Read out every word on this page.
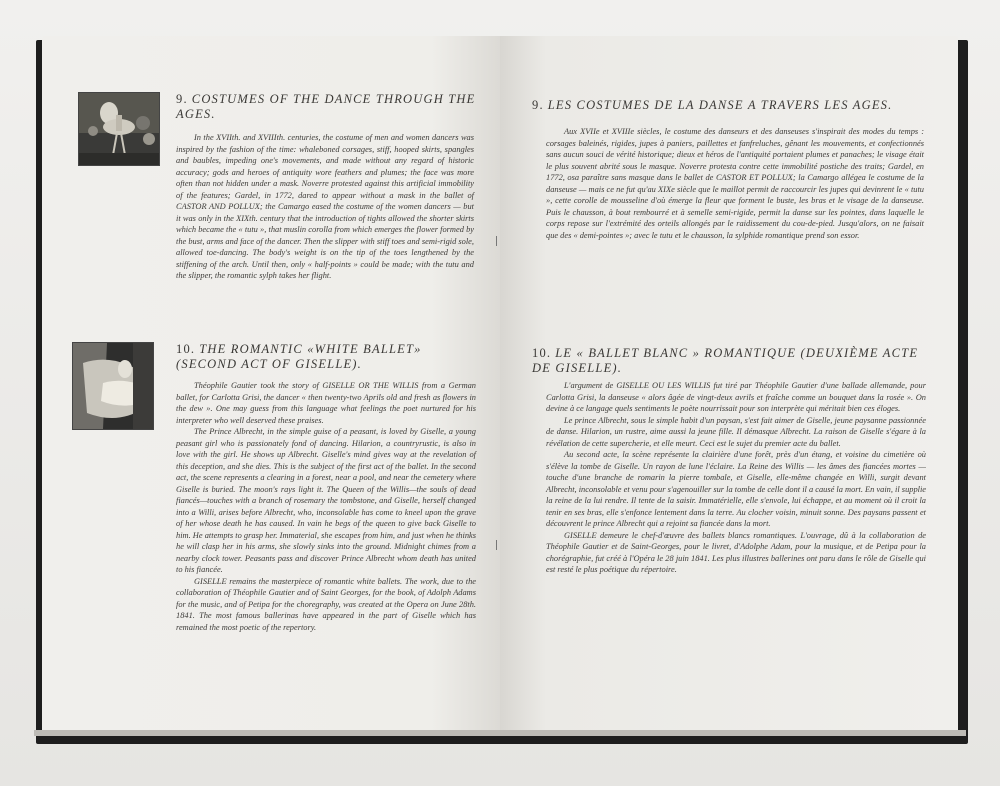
9. COSTUMES OF THE DANCE THROUGH THE AGES.

In the XVIIth. and XVIIIth. centuries, the costume of men and women dancers was inspired by the fashion of the time: whaleboned corsages, stiff, hooped skirts, spangles and baubles, impeding one's movements, and made without any regard of historic accuracy; gods and heroes of antiquity wore feathers and plumes; the face was more often than not hidden under a mask. Noverre protested against this artificial immobility of the features; Gardel, in 1772, dared to appear without a mask in the ballet of CASTOR AND POLLUX; the Camargo eased the costume of the women dancers — but it was only in the XIXth. century that the introduction of tights allowed the shorter skirts which became the « tutu », that muslin corolla from which emerges the flower formed by the bust, arms and face of the dancer. Then the slipper with stiff toes and semi-rigid sole, allowed toe-dancing. The body's weight is on the tip of the toes lengthened by the stiffening of the arch. Until then, only « half-points » could be made; with the tutu and the slipper, the romantic sylph takes her flight.

10. THE ROMANTIC «WHITE BALLET» (SECOND ACT OF GISELLE).

Théophile Gautier took the story of GISELLE OR THE WILLIS from a German ballet, for Carlotta Grisi, the dancer « then twenty-two Aprils old and fresh as flowers in the dew ». One may guess from this language what feelings the poet nurtured for his interpreter who well deserved these praises.

The Prince Albrecht, in the simple guise of a peasant, is loved by Giselle, a young peasant girl who is passionately fond of dancing. Hilarion, a countryrustic, is also in love with the girl. He shows up Albrecht. Giselle's mind gives way at the revelation of this deception, and she dies. This is the subject of the first act of the ballet. In the second act, the scene represents a clearing in a forest, near a pool, and near the cemetery where Giselle is buried. The moon's rays light it. The Queen of the Willis—the souls of dead fiancés—touches with a branch of rosemary the tombstone, and Giselle, herself changed into a Willi, arises before Albrecht, who, inconsolable has come to kneel upon the grave of her whose death he has caused. In vain he begs of the queen to give back Giselle to him. He attempts to grasp her. Immaterial, she escapes from him, and just when he thinks he will clasp her in his arms, she slowly sinks into the ground. Midnight chimes from a nearby clock tower. Peasants pass and discover Prince Albrecht whom death has united to his fiancée.

GISELLE remains the masterpiece of romantic white ballets. The work, due to the collaboration of Théophile Gautier and of Saint Georges, for the book, of Adolph Adams for the music, and of Petipa for the choregraphy, was created at the Opera on June 28th. 1841. The most famous ballerinas have appeared in the part of Giselle which has remained the most poetic of the repertory.

9. LES COSTUMES DE LA DANSE A TRAVERS LES AGES.

Aux XVIIe et XVIIIe siècles, le costume des danseurs et des danseuses s'inspirait des modes du temps : corsages baleinés, rigides, jupes à paniers, paillettes et fanfreluches, gênant les mouvements, et confectionnés sans aucun souci de vérité historique; dieux et héros de l'antiquité portaient plumes et panaches; le visage était le plus souvent abrité sous le masque. Noverre protesta contre cette immobilité postiche des traits; Gardel, en 1772, osa paraître sans masque dans le ballet de CASTOR ET POLLUX; la Camargo allégea le costume de la danseuse — mais ce ne fut qu'au XIXe siècle que le maillot permit de raccourcir les jupes qui devinrent le « tutu », cette corolle de mousseline d'où émerge la fleur que forment le buste, les bras et le visage de la danseuse. Puis le chausson, à bout rembourré et à semelle semi-rigide, permit la danse sur les pointes, dans laquelle le corps repose sur l'extrémité des orteils allongés par le raidissement du cou-de-pied. Jusqu'alors, on ne faisait que des « demi-pointes »; avec le tutu et le chausson, la sylphide romantique prend son essor.

10. LE « BALLET BLANC » ROMANTIQUE (DEUXIÈME ACTE DE GISELLE).

L'argument de GISELLE OU LES WILLIS fut tiré par Théophile Gautier d'une ballade allemande, pour Carlotta Grisi, la danseuse « alors âgée de vingt-deux avrils et fraîche comme un bouquet dans la rosée ». On devine à ce langage quels sentiments le poète nourrissait pour son interprète qui méritait bien ces éloges.

Le prince Albrecht, sous le simple habit d'un paysan, s'est fait aimer de Giselle, jeune paysanne passionnée de danse. Hilarion, un rustre, aime aussi la jeune fille. Il démasque Albrecht. La raison de Giselle s'égare à la révélation de cette supercherie, et elle meurt. Ceci est le sujet du premier acte du ballet.

Au second acte, la scène représente la clairière d'une forêt, près d'un étang, et voisine du cimetière où s'élève la tombe de Giselle. Un rayon de lune l'éclaire. La Reine des Willis — les âmes des fiancées mortes — touche d'une branche de romarin la pierre tombale, et Giselle, elle-même changée en Willi, surgit devant Albrecht, inconsolable et venu pour s'agenouiller sur la tombe de celle dont il a causé la mort. En vain, il supplie la reine de la lui rendre. Il tente de la saisir. Immatérielle, elle s'envole, lui échappe, et au moment où il croit la tenir en ses bras, elle s'enfonce lentement dans la terre. Au clocher voisin, minuit sonne. Des paysans passent et découvrent le prince Albrecht qui a rejoint sa fiancée dans la mort.

GISELLE demeure le chef-d'œuvre des ballets blancs romantiques. L'ouvrage, dû à la collaboration de Théophile Gautier et de Saint-Georges, pour le livret, d'Adolphe Adam, pour la musique, et de Petipa pour la chorégraphie, fut créé à l'Opéra le 28 juin 1841. Les plus illustres ballerines ont paru dans le rôle de Giselle qui est resté le plus poétique du répertoire.
